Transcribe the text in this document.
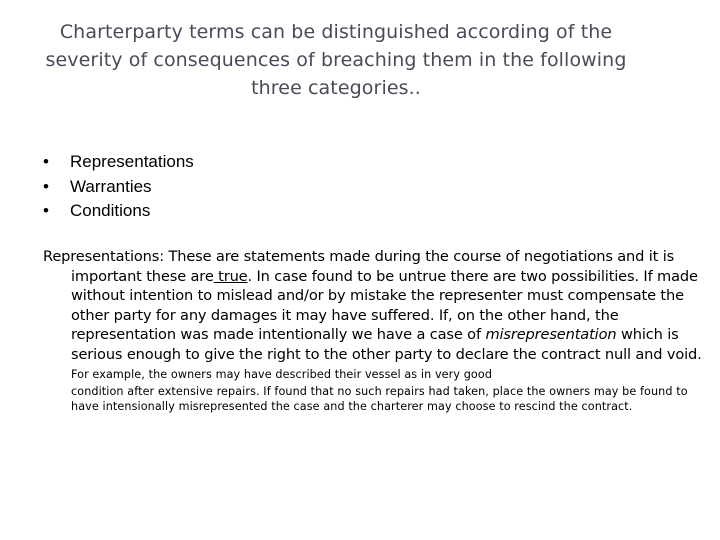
Charterparty terms can be distinguished according of the severity of consequences of breaching them in the following three categories..
•	Representations
•	Warranties
•	Conditions
Representations: These are statements made during the course of negotiations and it is important these are true. In case found to be untrue there are two possibilities. If made without intention to mislead and/or by mistake the representer must compensate the other party for any damages it may have suffered. If, on the other hand, the representation was made intentionally we have a case of misrepresentation which is serious enough to give the right to the other party to declare the contract null and void. For example, the owners may have described their vessel as in very good
condition after extensive repairs. If found that no such repairs had taken, place the owners may be found to have intensionally misrepresented the case and the charterer may choose to rescind the contract.
